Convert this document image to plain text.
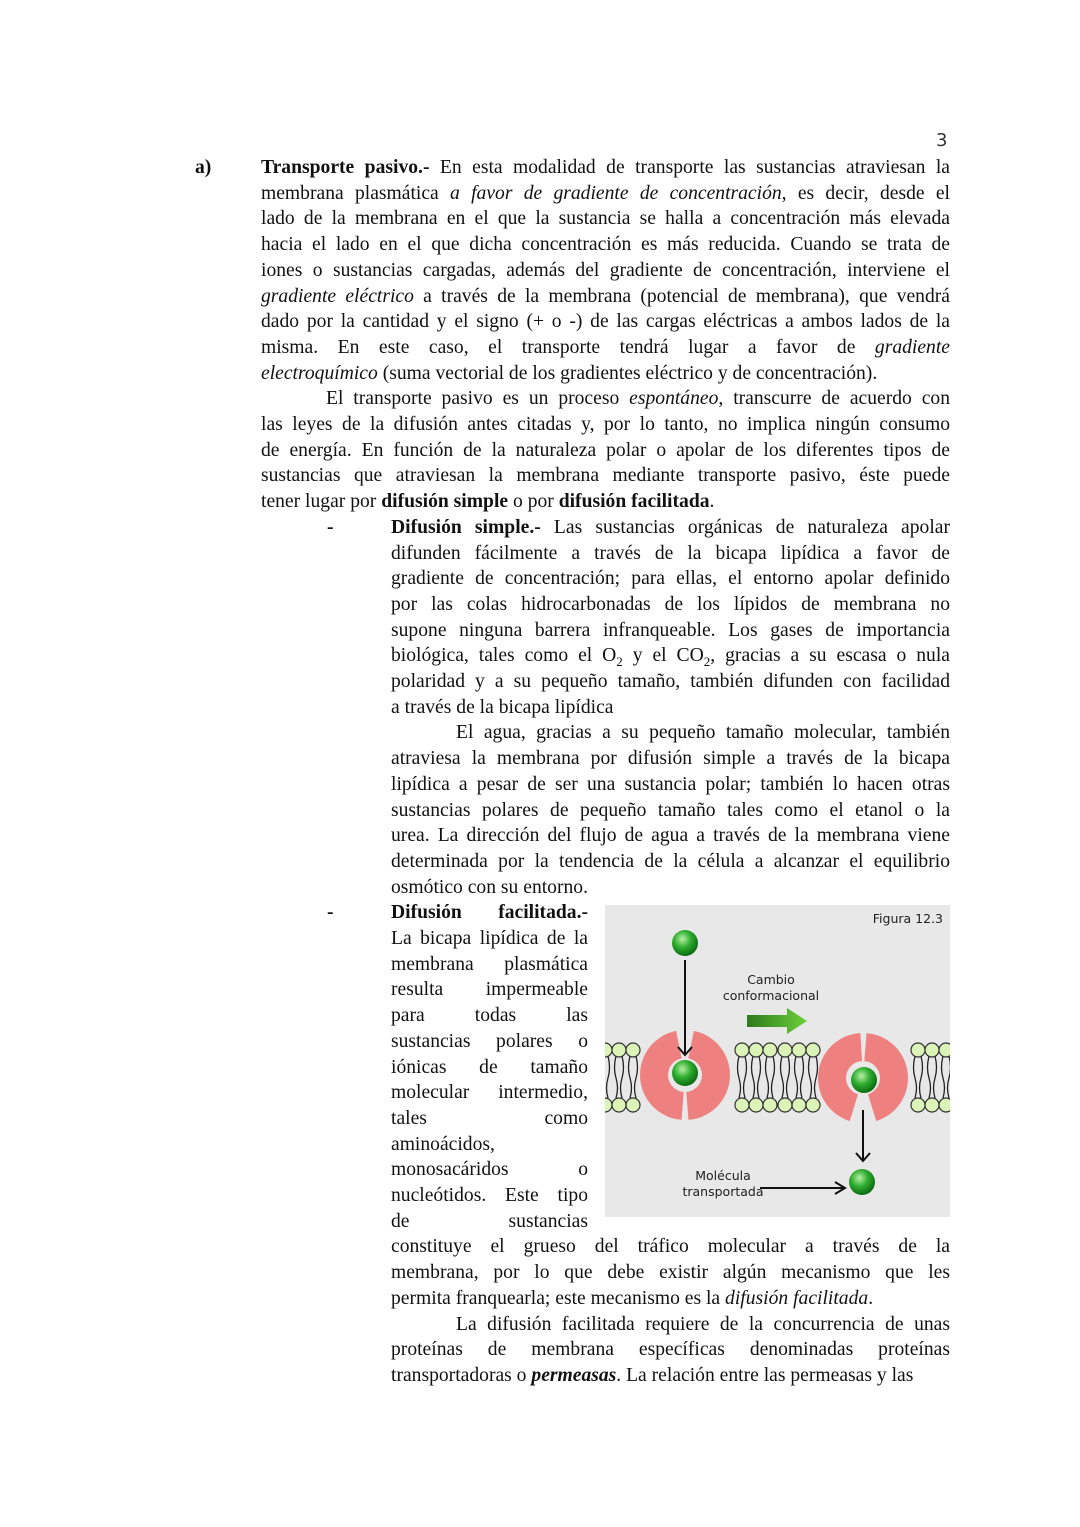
3
a)	Transporte pasivo.- En esta modalidad de transporte las sustancias atraviesan la
membrana plasmática a favor de gradiente de concentración, es decir, desde el
lado de la membrana en el que la sustancia se halla a concentración más elevada
hacia el lado en el que dicha concentración es más reducida. Cuando se trata de
iones o sustancias cargadas, además del gradiente de concentración, interviene el
gradiente eléctrico a través de la membrana (potencial de membrana), que vendrá
dado por la cantidad y el signo (+ o -) de las cargas eléctricas a ambos lados de la
misma. En este caso, el transporte tendrá lugar a favor de gradiente
electroquímico (suma vectorial de los gradientes eléctrico y de concentración).
El transporte pasivo es un proceso espontáneo, transcurre de acuerdo con
las leyes de la difusión antes citadas y, por lo tanto, no implica ningún consumo
de energía. En función de la naturaleza polar o apolar de los diferentes tipos de
sustancias que atraviesan la membrana mediante transporte pasivo, éste puede
tener lugar por difusión simple o por difusión facilitada.
-	Difusión simple.- Las sustancias orgánicas de naturaleza apolar
difunden fácilmente a través de la bicapa lipídica a favor de
gradiente de concentración; para ellas, el entorno apolar definido
por las colas hidrocarbonadas de los lípidos de membrana no
supone ninguna barrera infranqueable. Los gases de importancia
biológica, tales como el $O_2$ y el $CO_2$, gracias a su escasa o nula
polaridad y a su pequeño tamaño, también difunden con facilidad
a través de la bicapa lipídica
El agua, gracias a su pequeño tamaño molecular, también
atraviesa la membrana por difusión simple a través de la bicapa
lipídica a pesar de ser una sustancia polar; también lo hacen otras
sustancias polares de pequeño tamaño tales como el etanol o la
urea. La dirección del flujo de agua a través de la membrana viene
determinada por la tendencia de la célula a alcanzar el equilibrio
osmótico con su entorno.
-	Difusión facilitada.-
La bicapa lipídica de la
membrana plasmática
resulta impermeable
para todas las
sustancias polares o
iónicas de tamaño
molecular intermedio,
tales como
aminoácidos,
monosacáridos o
nucleótidos. Este tipo
de sustancias
constituye el grueso del tráfico molecular a través de la
membrana, por lo que debe existir algún mecanismo que les
permita franquearla; este mecanismo es la difusión facilitada.
La difusión facilitada requiere de la concurrencia de unas
proteínas de membrana específicas denominadas proteínas
transportadoras o permeasas. La relación entre las permeasas y las
Figura 12.3
Cambio
conformacional
Molécula
transportada
